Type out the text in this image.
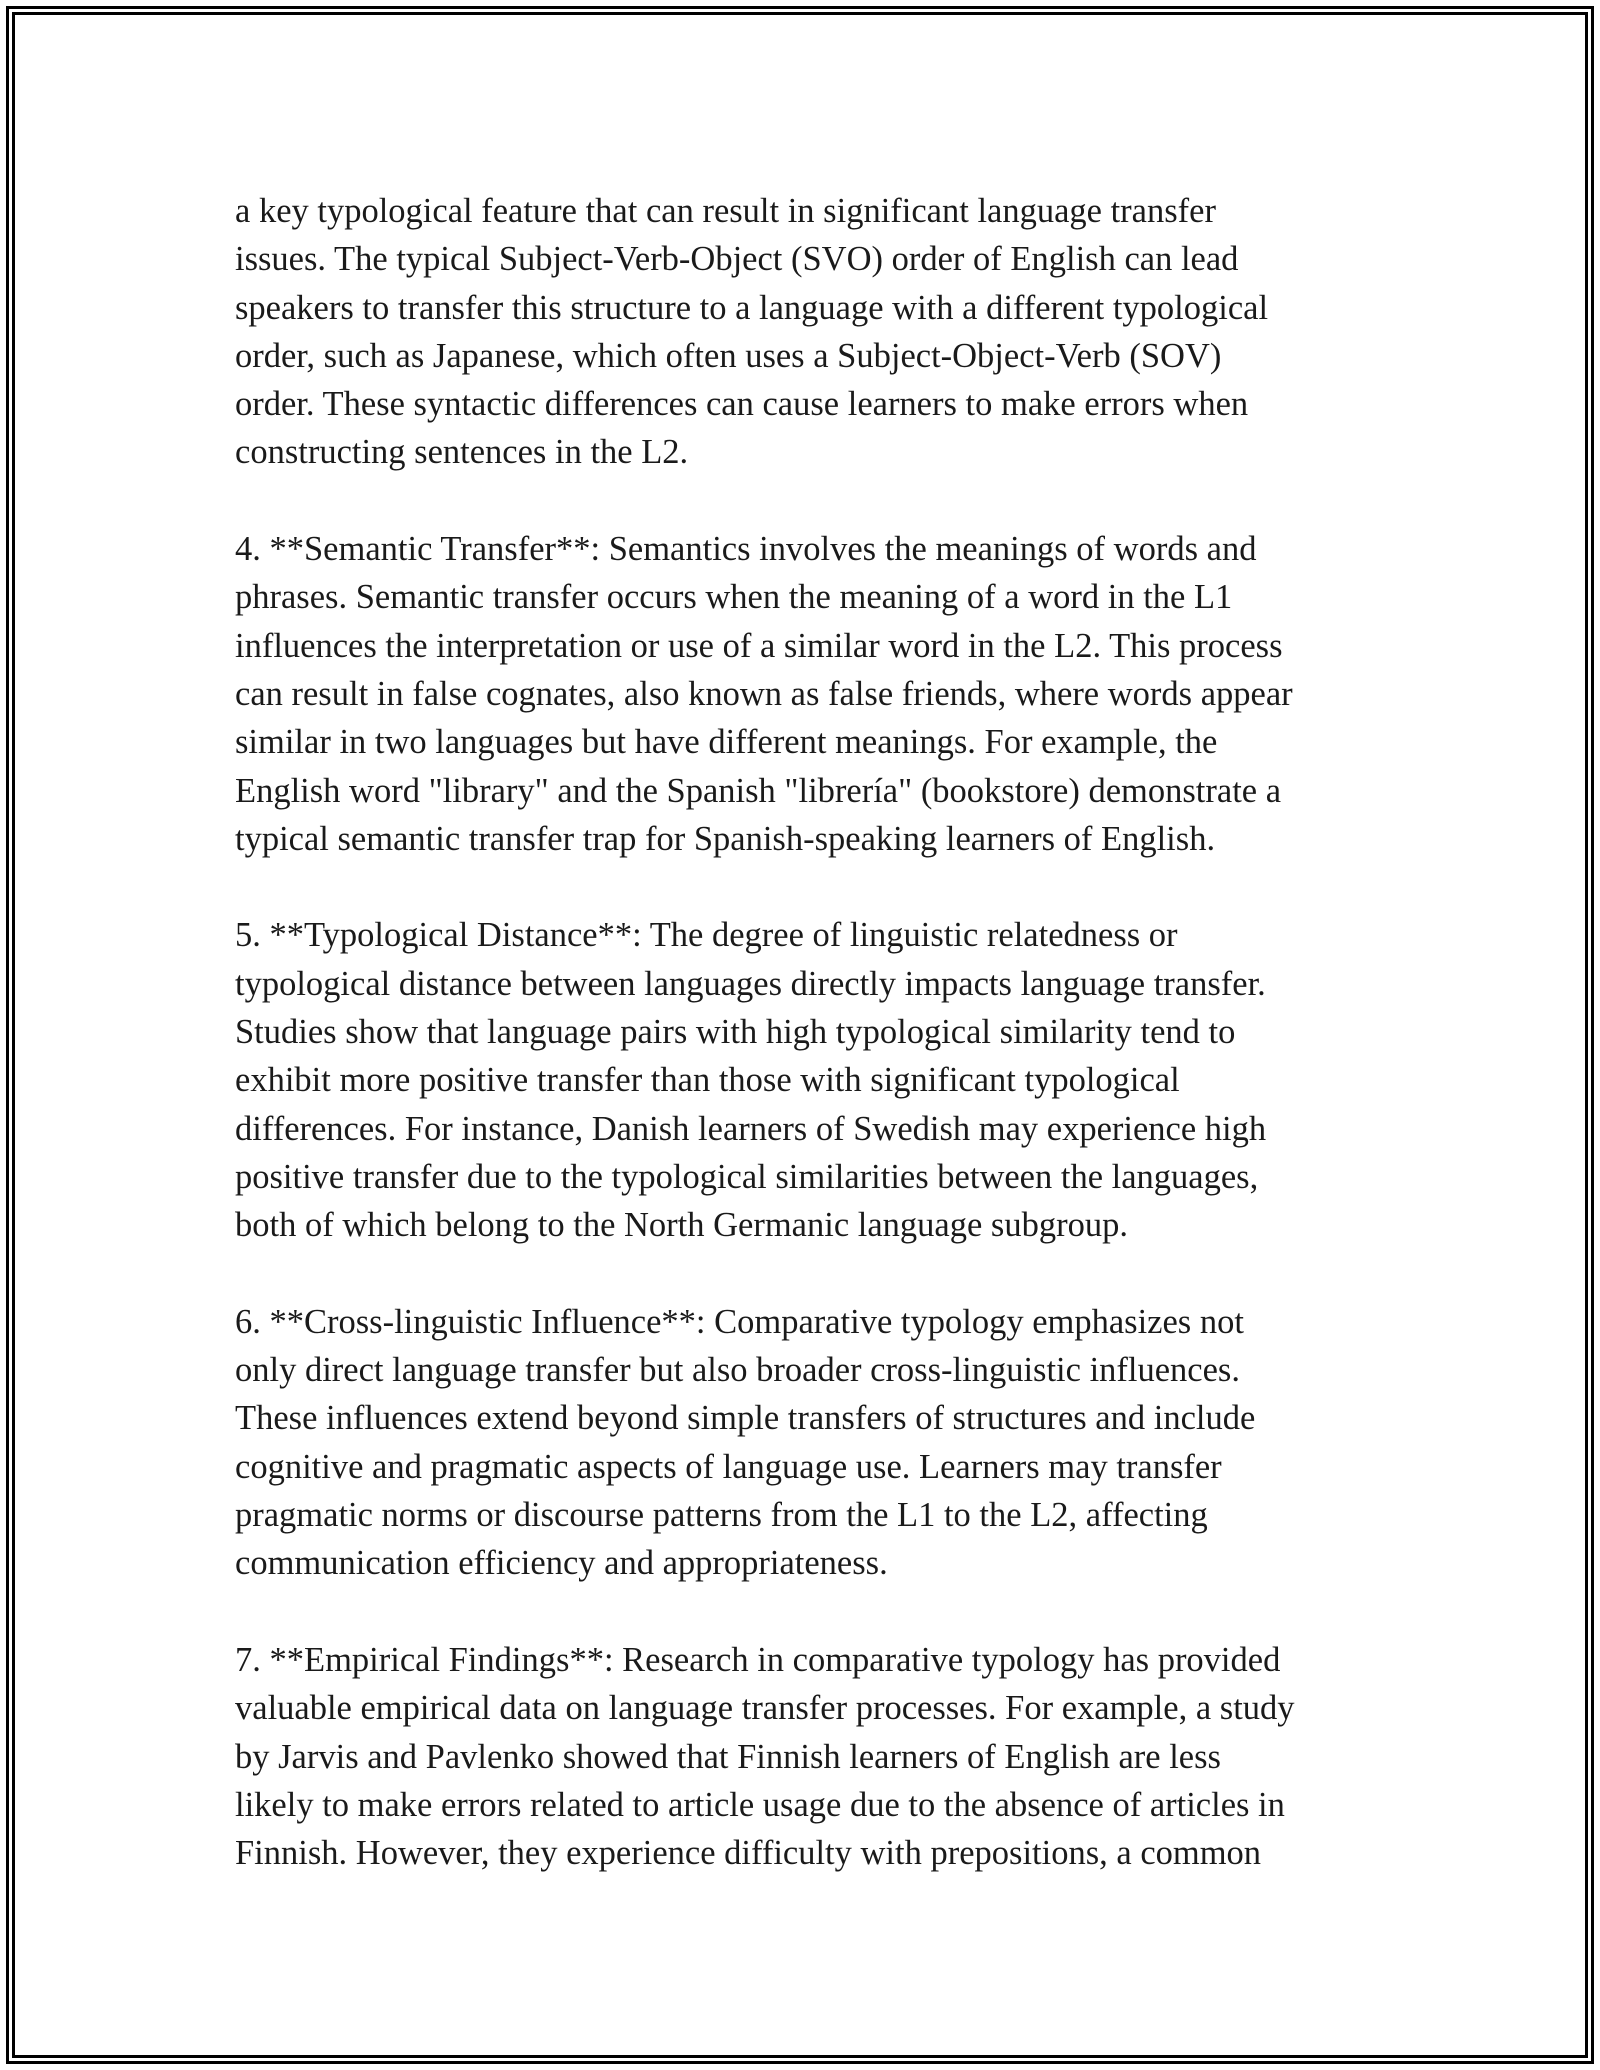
a key typological feature that can result in significant language transfer
issues. The typical Subject-Verb-Object (SVO) order of English can lead
speakers to transfer this structure to a language with a different typological
order, such as Japanese, which often uses a Subject-Object-Verb (SOV)
order. These syntactic differences can cause learners to make errors when
constructing sentences in the L2.
4. **Semantic Transfer**: Semantics involves the meanings of words and
phrases. Semantic transfer occurs when the meaning of a word in the L1
influences the interpretation or use of a similar word in the L2. This process
can result in false cognates, also known as false friends, where words appear
similar in two languages but have different meanings. For example, the
English word "library" and the Spanish "librería" (bookstore) demonstrate a
typical semantic transfer trap for Spanish-speaking learners of English.
5. **Typological Distance**: The degree of linguistic relatedness or
typological distance between languages directly impacts language transfer.
Studies show that language pairs with high typological similarity tend to
exhibit more positive transfer than those with significant typological
differences. For instance, Danish learners of Swedish may experience high
positive transfer due to the typological similarities between the languages,
both of which belong to the North Germanic language subgroup.
6. **Cross-linguistic Influence**: Comparative typology emphasizes not
only direct language transfer but also broader cross-linguistic influences.
These influences extend beyond simple transfers of structures and include
cognitive and pragmatic aspects of language use. Learners may transfer
pragmatic norms or discourse patterns from the L1 to the L2, affecting
communication efficiency and appropriateness.
7. **Empirical Findings**: Research in comparative typology has provided
valuable empirical data on language transfer processes. For example, a study
by Jarvis and Pavlenko showed that Finnish learners of English are less
likely to make errors related to article usage due to the absence of articles in
Finnish. However, they experience difficulty with prepositions, a common
